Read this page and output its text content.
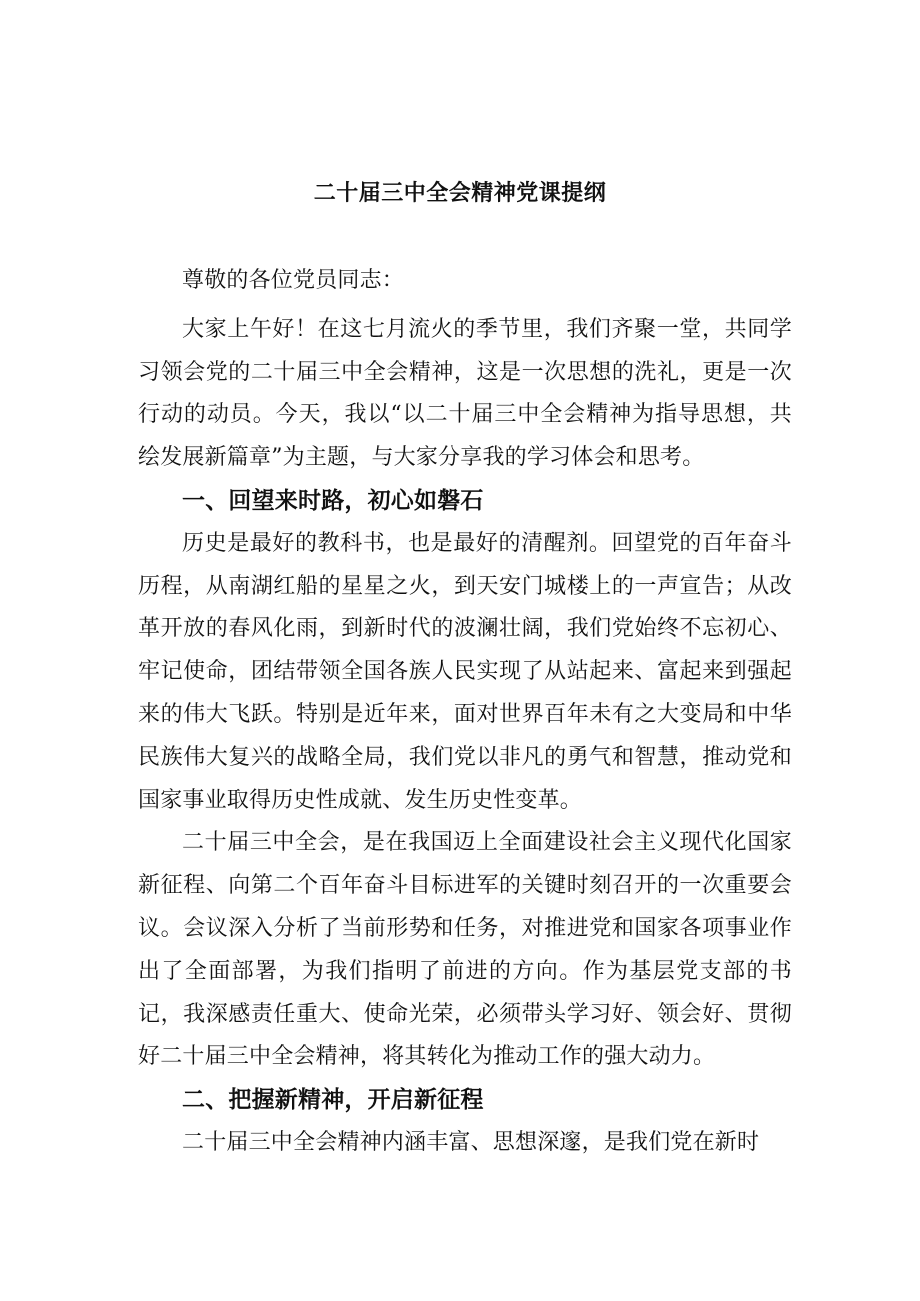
二十届三中全会精神党课提纲

尊敬的各位党员同志：

大家上午好！在这七月流火的季节里，我们齐聚一堂，共同学习领会党的二十届三中全会精神，这是一次思想的洗礼，更是一次行动的动员。今天，我以“以二十届三中全会精神为指导思想，共绘发展新篇章”为主题，与大家分享我的学习体会和思考。

一、回望来时路，初心如磐石

历史是最好的教科书，也是最好的清醒剂。回望党的百年奋斗历程，从南湖红船的星星之火，到天安门城楼上的一声宣告；从改革开放的春风化雨，到新时代的波澜壮阔，我们党始终不忘初心、牢记使命，团结带领全国各族人民实现了从站起来、富起来到强起来的伟大飞跃。特别是近年来，面对世界百年未有之大变局和中华民族伟大复兴的战略全局，我们党以非凡的勇气和智慧，推动党和国家事业取得历史性成就、发生历史性变革。

二十届三中全会，是在我国迈上全面建设社会主义现代化国家新征程、向第二个百年奋斗目标进军的关键时刻召开的一次重要会议。会议深入分析了当前形势和任务，对推进党和国家各项事业作出了全面部署，为我们指明了前进的方向。作为基层党支部的书记，我深感责任重大、使命光荣，必须带头学习好、领会好、贯彻好二十届三中全会精神，将其转化为推动工作的强大动力。

二、把握新精神，开启新征程

二十届三中全会精神内涵丰富、思想深邃，是我们党在新时
